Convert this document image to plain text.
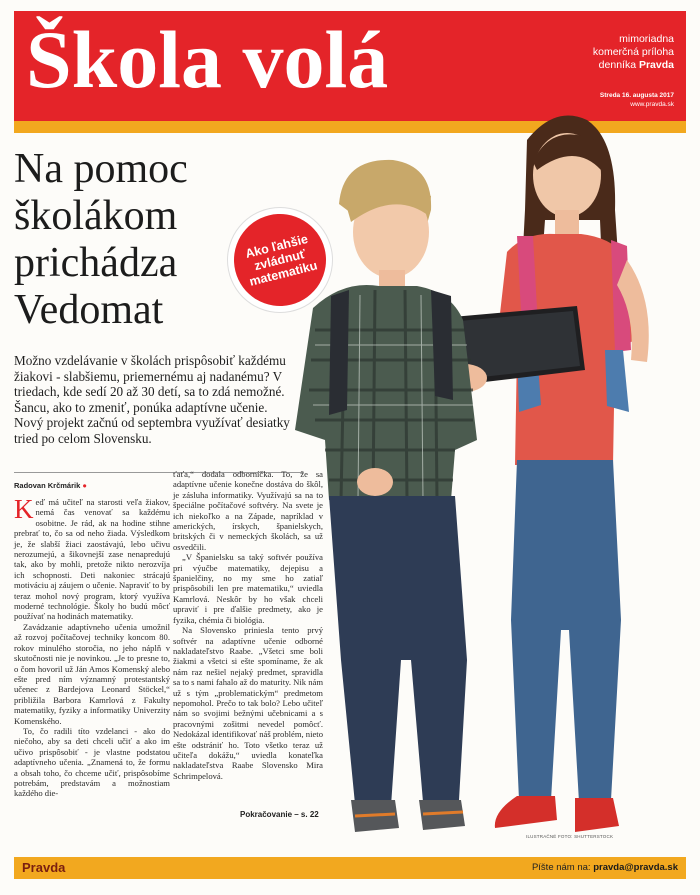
Škola volá	mimoriadna
komerčná príloha
denníka Pravda
Streda 16. augusta 2017
www.pravda.sk
Na pomoc školákom prichádza Vedomat
Ako ľahšie zvládnuť matematiku
Možno vzdelávanie v školách prispôsobiť každému žiakovi - slabšiemu, priemernému aj nadanému? V triedach, kde sedí 20 až 30 detí, sa to zdá nemožné. Šancu, ako to zmeniť, ponúka adaptívne učenie. Nový projekt začnú od septembra využívať desiatky tried po celom Slovensku.
Radovan Krčmárik ●

Keď má učiteľ na starosti veľa žiakov, nemá čas venovať sa každému osobitne. Je rád, ak na hodine stihne prebrať to, čo sa od neho žiada. Výsledkom je, že slabší žiaci zaostávajú, lebo učivu nerozumejú, a šikovnejší zase nenapredujú tak, ako by mohli, pretože nikto nerozvíja ich schopnosti. Deti nakoniec strácajú motiváciu aj záujem o učenie. Napraviť to by teraz mohol nový program, ktorý využíva moderné technológie. Školy ho budú môcť používať na hodinách matematiky.

Zavádzanie adaptívneho učenia umožnil až rozvoj počítačovej techniky koncom 80. rokov minulého storočia, no jeho náplň v skutočnosti nie je novinkou. „Je to presne to, o čom hovoril už Ján Amos Komenský alebo ešte pred ním významný protestantský učenec z Bardejova Leonard Stöckel,“ približila Barbora Kamrlová z Fakulty matematiky, fyziky a informatiky Univerzity Komenského.

To, čo radili títo vzdelanci - ako do niečoho, aby sa deti chceli učiť a ako im učivo prispôsobiť - je vlastne podstatou adaptívneho učenia. „Znamená to, že formu a obsah toho, čo chceme učiť, prispôsobíme potrebám, predstavám a možnostiam každého die-

ťaťa,“ dodala odborníčka. To, že sa adaptívne učenie konečne dostáva do škôl, je zásluha informatiky. Využívajú sa na to špeciálne počítačové softvéry. Na svete je ich niekoľko a na Západe, napríklad v amerických, írskych, španielskych, britských či v nemeckých školách, sa už osvedčili.

„V Španielsku sa taký softvér používa pri výučbe matematiky, dejepisu a španielčiny, no my sme ho zatiaľ prispôsobili len pre matematiku,“ uviedla Kamrlová. Neskôr by ho však chceli upraviť i pre ďalšie predmety, ako je fyzika, chémia či biológia.

Na Slovensko priniesla tento prvý softvér na adaptívne učenie odborné nakladateľstvo Raabe. „Všetci sme boli žiakmi a všetci si ešte spomíname, že ak nám raz nešiel nejaký predmet, spravidla sa to s nami fahalo až do maturity. Nik nám už s tým „problematickým“ predmetom nepomohol. Prečo to tak bolo? Lebo učiteľ nám so svojimi bežnými učebnicami a s pracovnými zošitmi nevedel pomôcť. Nedokázal identifikovať náš problém, nieto ešte odstrániť ho. Toto všetko teraz už učiteľa dokážu,“ uviedla konateľka nakladateľstva Raabe Slovensko Mira Schrimpelová.

Pokračovanie – s. 22
ILUSTRAČNÉ FOTO: SHUTTERSTOCK
Pravda	Píšte nám na: pravda@pravda.sk
